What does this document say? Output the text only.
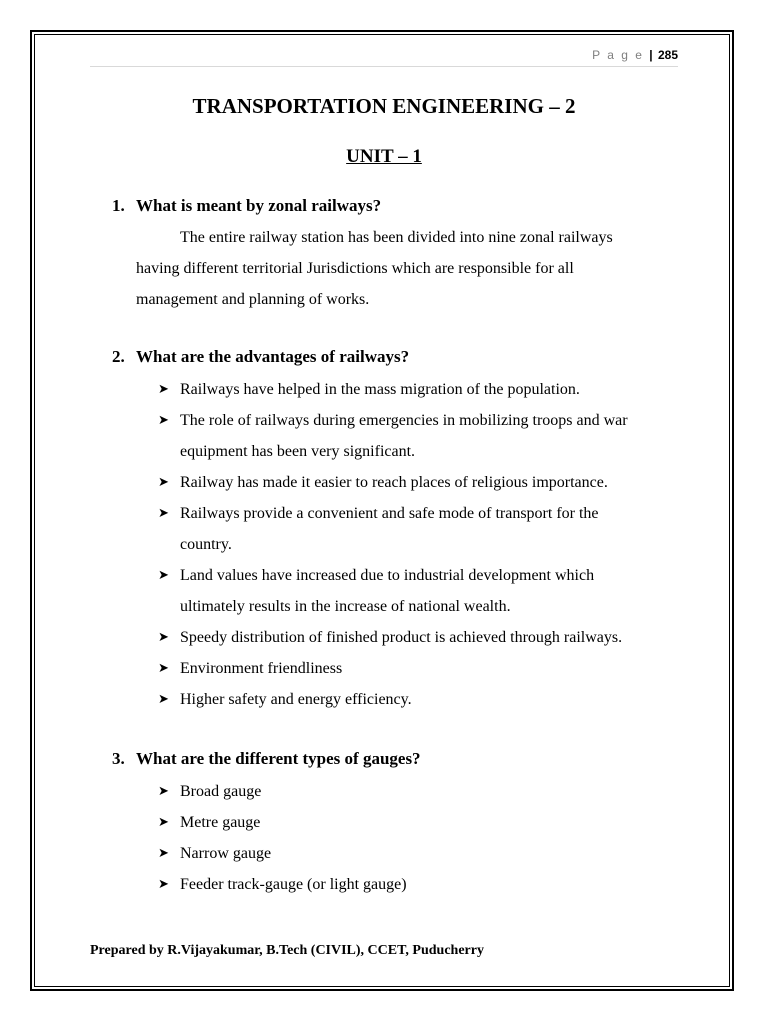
P a g e | 285
TRANSPORTATION ENGINEERING – 2
UNIT – 1
1. What is meant by zonal railways?
The entire railway station has been divided into nine zonal railways
having different territorial Jurisdictions which are responsible for all
management and planning of works.
2. What are the advantages of railways?
➤ Railways have helped in the mass migration of the population.
➤ The role of railways during emergencies in mobilizing troops and war
equipment has been very significant.
➤ Railway has made it easier to reach places of religious importance.
➤ Railways provide a convenient and safe mode of transport for the
country.
➤ Land values have increased due to industrial development which
ultimately results in the increase of national wealth.
➤ Speedy distribution of finished product is achieved through railways.
➤ Environment friendliness
➤ Higher safety and energy efficiency.
3. What are the different types of gauges?
➤ Broad gauge
➤ Metre gauge
➤ Narrow gauge
➤ Feeder track-gauge (or light gauge)
Prepared by R.Vijayakumar, B.Tech (CIVIL), CCET, Puducherry
